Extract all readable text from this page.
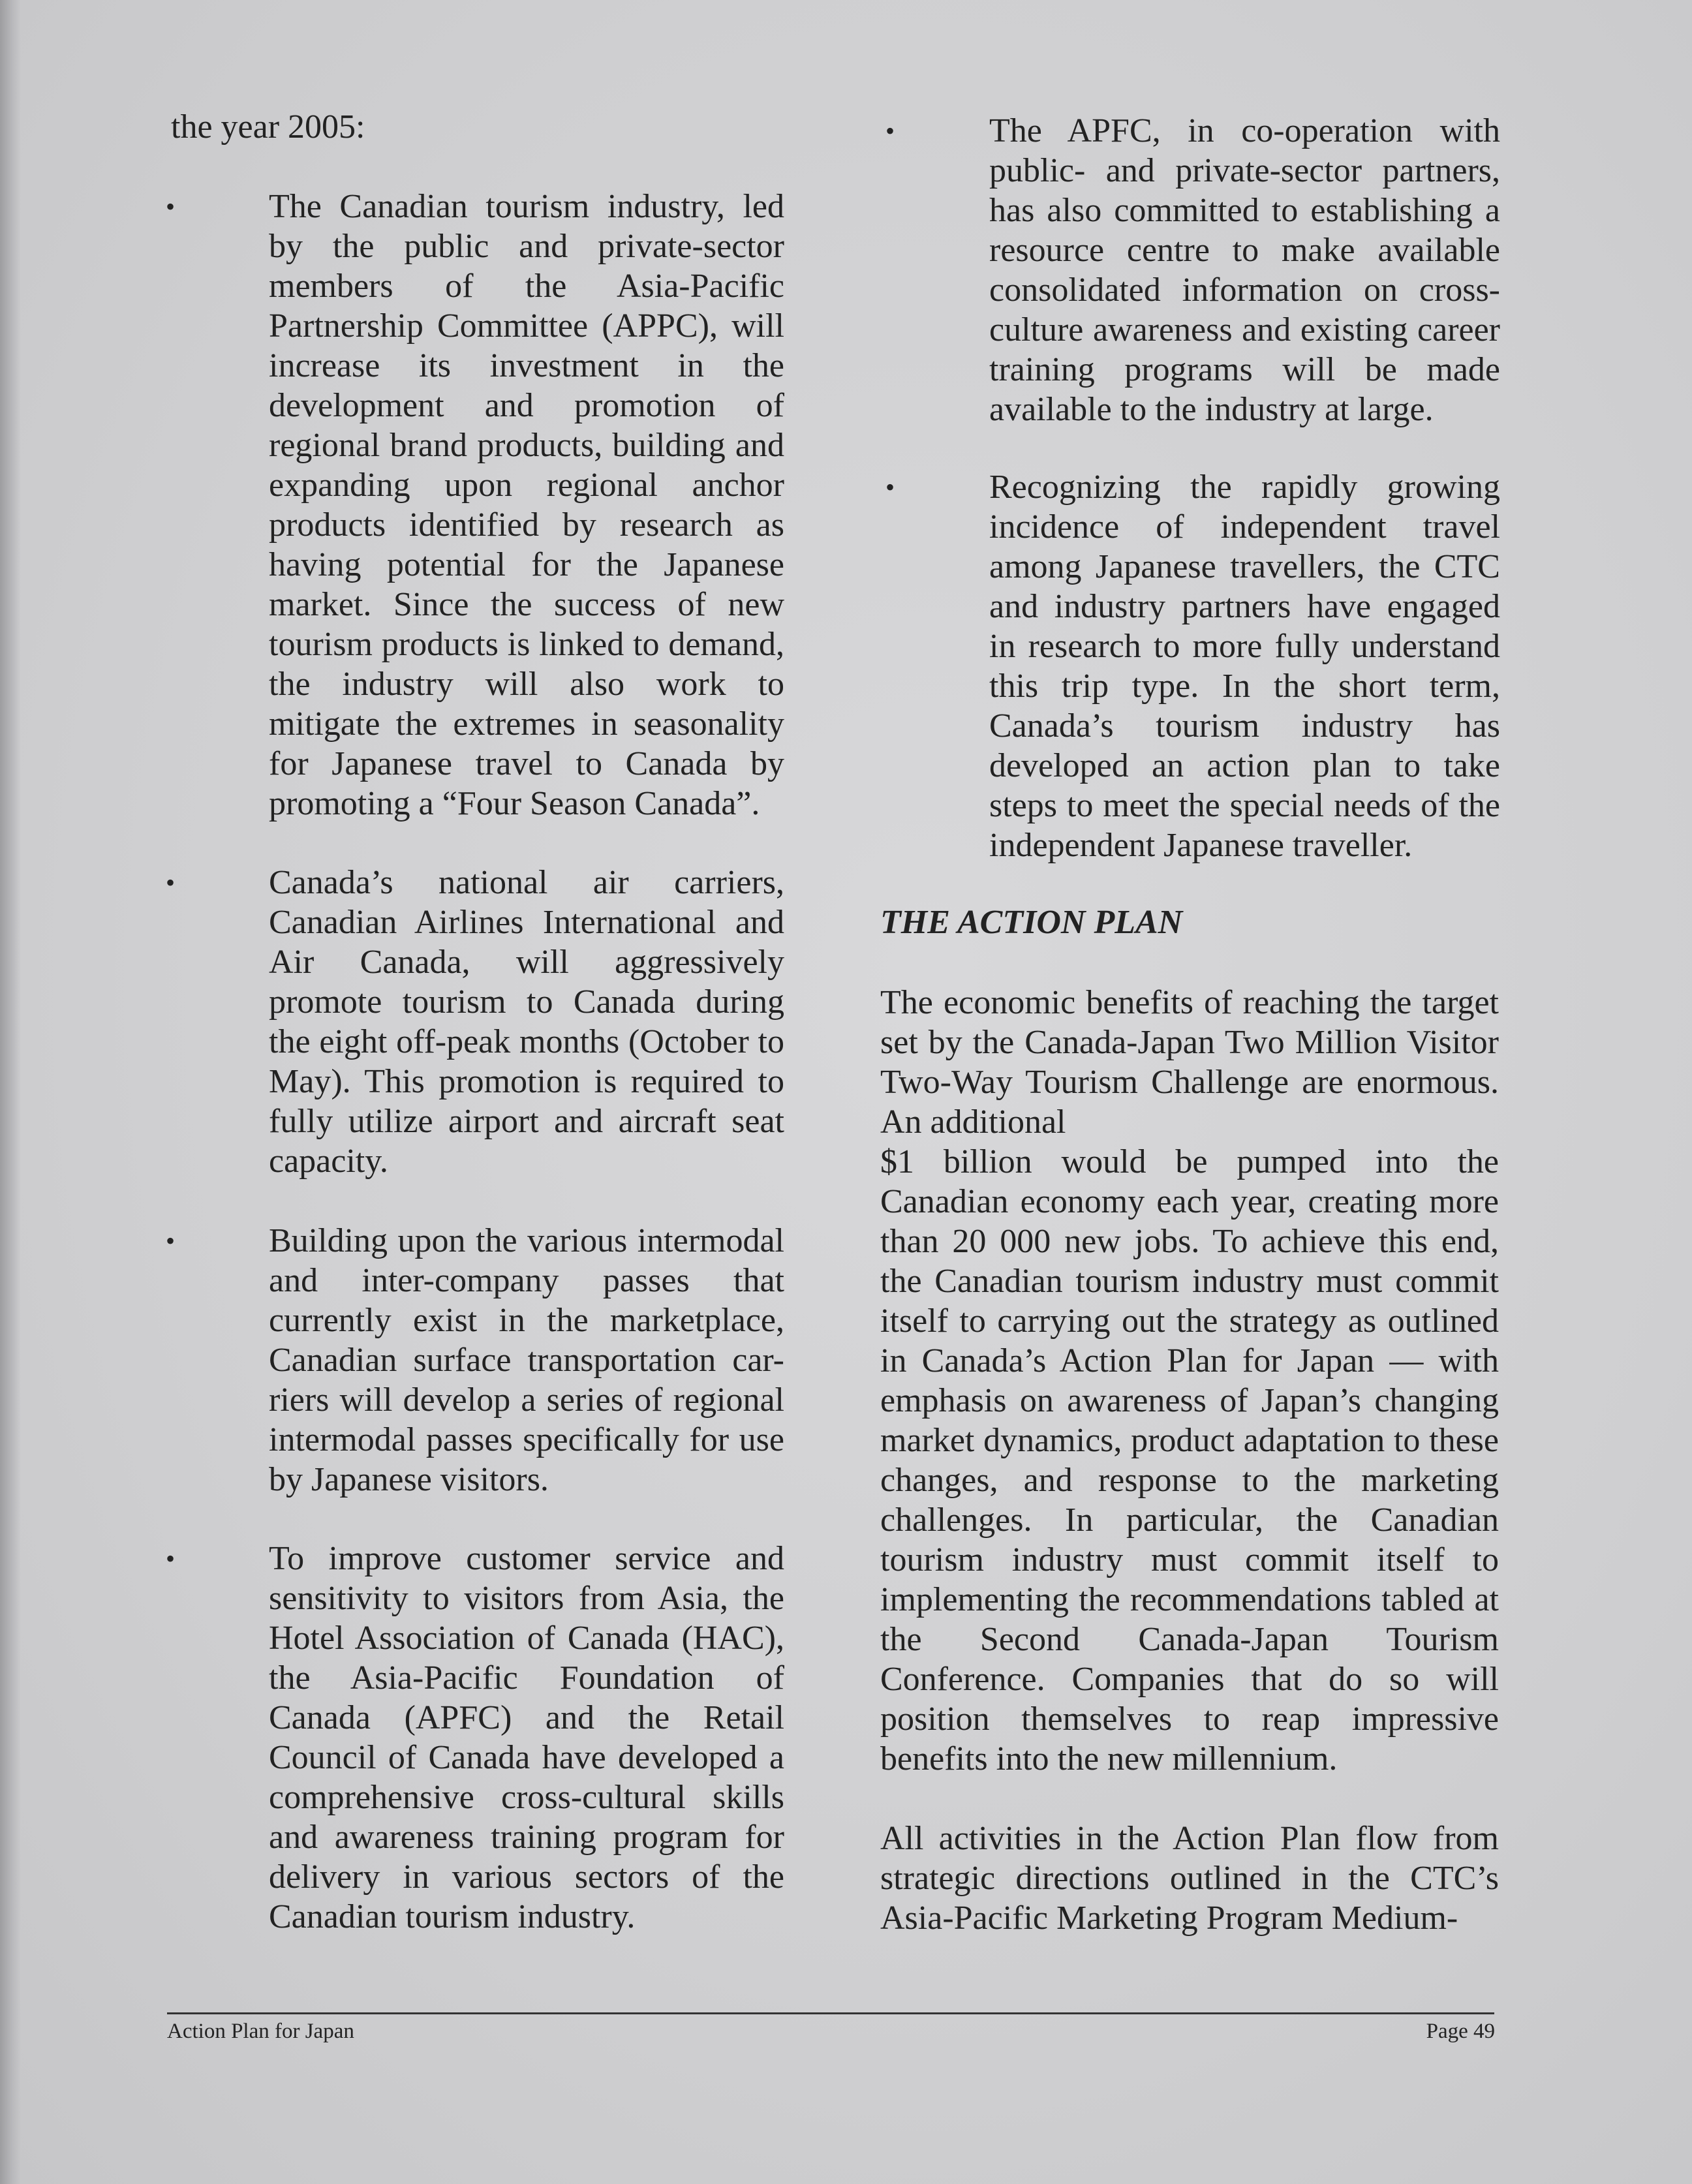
the year 2005:

•	The Canadian tourism industry, led by the public and private-sector members of the Asia-Pacific Partnership Committee (APPC), will increase its investment in the development and promotion of regional brand products, building and expanding upon regional anchor products identified by research as having potential for the Japanese market. Since the success of new tourism products is linked to demand, the industry will also work to mitigate the extremes in seasonality for Japanese travel to Canada by promoting a “Four Season Canada”.
•	Canada’s national air carriers, Canadian Airlines International and Air Canada, will aggressively promote tourism to Canada during the eight off-peak months (October to May). This promotion is required to fully utilize airport and aircraft seat capacity.
•	Building upon the various intermodal and inter-company passes that currently exist in the marketplace, Canadian surface transportation car-riers will develop a series of regional intermodal passes specifically for use by Japanese visitors.
•	To improve customer service and sensitivity to visitors from Asia, the Hotel Association of Canada (HAC), the Asia-Pacific Foundation of Canada (APFC) and the Retail Council of Canada have developed a comprehensive cross-cultural skills and awareness training program for delivery in various sectors of the Canadian tourism industry.
•	The APFC, in co-operation with public- and private-sector partners, has also committed to establishing a resource centre to make available consolidated information on cross-culture awareness and existing career training programs will be made available to the industry at large.
•	Recognizing the rapidly growing incidence of independent travel among Japanese travellers, the CTC and industry partners have engaged in research to more fully understand this trip type. In the short term, Canada’s tourism industry has developed an action plan to take steps to meet the special needs of the independent Japanese traveller.
THE ACTION PLAN

The economic benefits of reaching the target set by the Canada-Japan Two Million Visitor Two-Way Tourism Challenge are enormous. An additional
$1 billion would be pumped into the Canadian economy each year, creating more than 20 000 new jobs. To achieve this end, the Canadian tourism industry must commit itself to carrying out the strategy as outlined in Canada’s Action Plan for Japan — with emphasis on awareness of Japan’s changing market dynamics, product adaptation to these changes, and response to the marketing challenges. In particular, the Canadian tourism industry must commit itself to implementing the recommendations tabled at the Second Canada-Japan Tourism Conference. Companies that do so will position themselves to reap impressive benefits into the new millennium.

All activities in the Action Plan flow from strategic directions outlined in the CTC’s Asia-Pacific Marketing Program Medium-

Action Plan for Japan	Page 49
